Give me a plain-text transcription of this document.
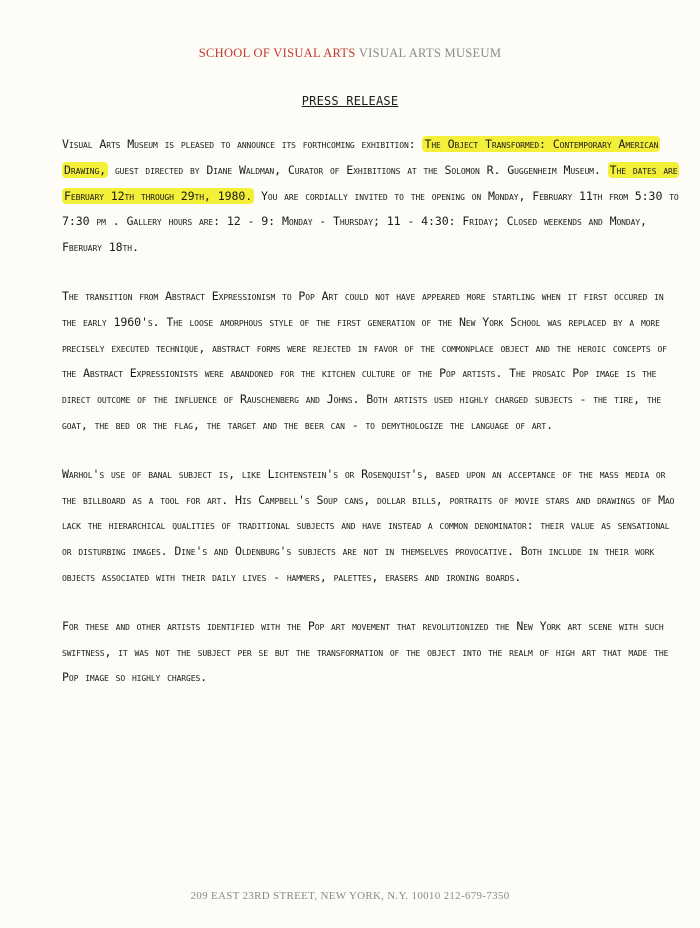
SCHOOL OF VISUAL ARTS VISUAL ARTS MUSEUM
PRESS RELEASE

Visual Arts Museum is pleased to announce its forthcoming exhibition: The Object Transformed: Contemporary American Drawing, guest directed by Diane Waldman, Curator of Exhibitions at the Solomon R. Guggenheim Museum. The dates are February 12th through 29th, 1980. You are cordially invited to the opening on Monday, February 11th from 5:30 to 7:30 pm . Gallery hours are: 12 - 9: Monday - Thursday; 11 - 4:30: Friday; Closed weekends and Monday, Fberuary 18th.

The transition from Abstract Expressionism to Pop Art could not have appeared more startling when it first occured in the early 1960's. The loose amorphous style of the first generation of the New York School was replaced by a more precisely executed technique, abstract forms were rejected in favor of the commonplace object and the heroic concepts of the Abstract Expressionists were abandoned for the kitchen culture of the Pop artists. The prosaic Pop image is the direct outcome of the influence of Rauschenberg and Johns. Both artists used highly charged subjects - the tire, the goat, the bed or the flag, the target and the beer can - to demythologize the language of art.

Warhol's use of banal subject is, like Lichtenstein's or Rosenquist's, based upon an acceptance of the mass media or the billboard as a tool for art. His Campbell's Soup cans, dollar bills, portraits of movie stars and drawings of Mao lack the hierarchical qualities of traditional subjects and have instead a common denominator: their value as sensational or disturbing images. Dine's and Oldenburg's subjects are not in themselves provocative. Both include in their work objects associated with their daily lives - hammers, palettes, erasers and ironing boards.

For these and other artists identified with the Pop art movement that revolutionized the New York art scene with such swiftness, it was not the subject per se but the transformation of the object into the realm of high art that made the Pop image so highly charges.

209 EAST 23RD STREET, NEW YORK, N.Y. 10010 212-679-7350
